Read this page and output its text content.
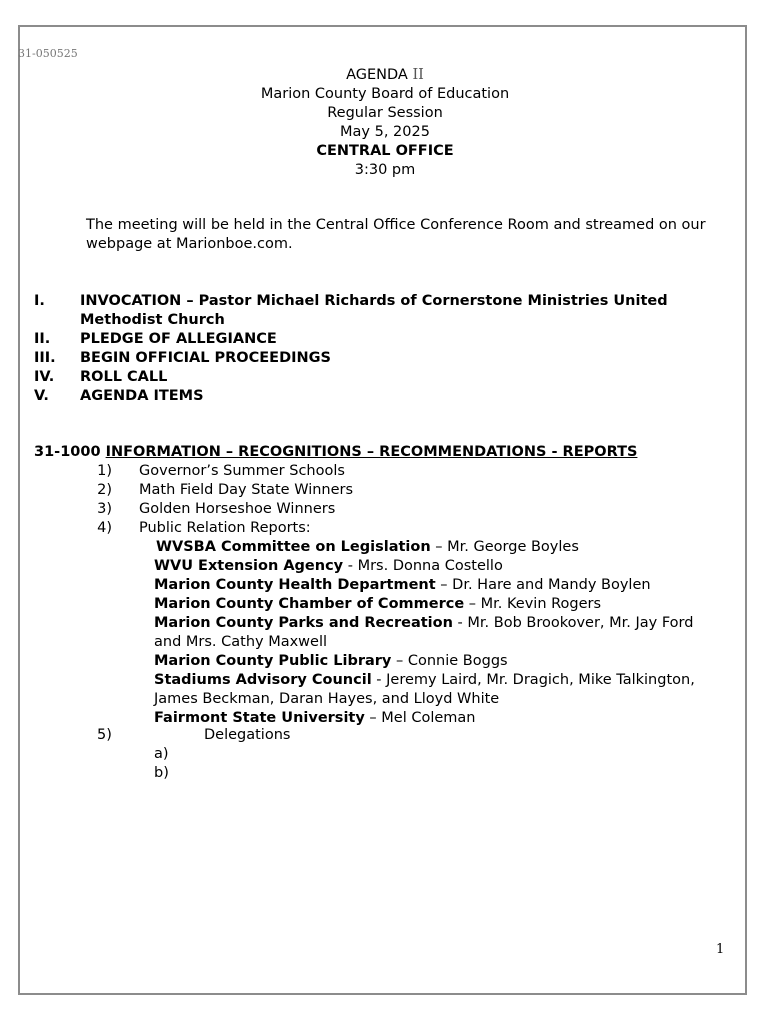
31-050525
AGENDA II
Marion County Board of Education
Regular Session
May 5, 2025
CENTRAL OFFICE
3:30 pm
The meeting will be held in the Central Office Conference Room and streamed on our webpage at Marionboe.com.
I.	INVOCATION – Pastor Michael Richards of Cornerstone Ministries United Methodist Church
II.	PLEDGE OF ALLEGIANCE
III.	BEGIN OFFICIAL PROCEEDINGS
IV.	ROLL CALL
V.	AGENDA ITEMS
31-1000 INFORMATION – RECOGNITIONS – RECOMMENDATIONS - REPORTS
1) Governor’s Summer Schools
2) Math Field Day State Winners
3) Golden Horseshoe Winners
4) Public Relation Reports:
WVSBA Committee on Legislation – Mr. George Boyles
WVU Extension Agency - Mrs. Donna Costello
Marion County Health Department – Dr. Hare and Mandy Boylen
Marion County Chamber of Commerce – Mr. Kevin Rogers
Marion County Parks and Recreation - Mr. Bob Brookover, Mr. Jay Ford and Mrs. Cathy Maxwell
Marion County Public Library – Connie Boggs
Stadiums Advisory Council - Jeremy Laird, Mr. Dragich, Mike Talkington, James Beckman, Daran Hayes, and Lloyd White
Fairmont State University – Mel Coleman
5)	Delegations
a)
b)
1
